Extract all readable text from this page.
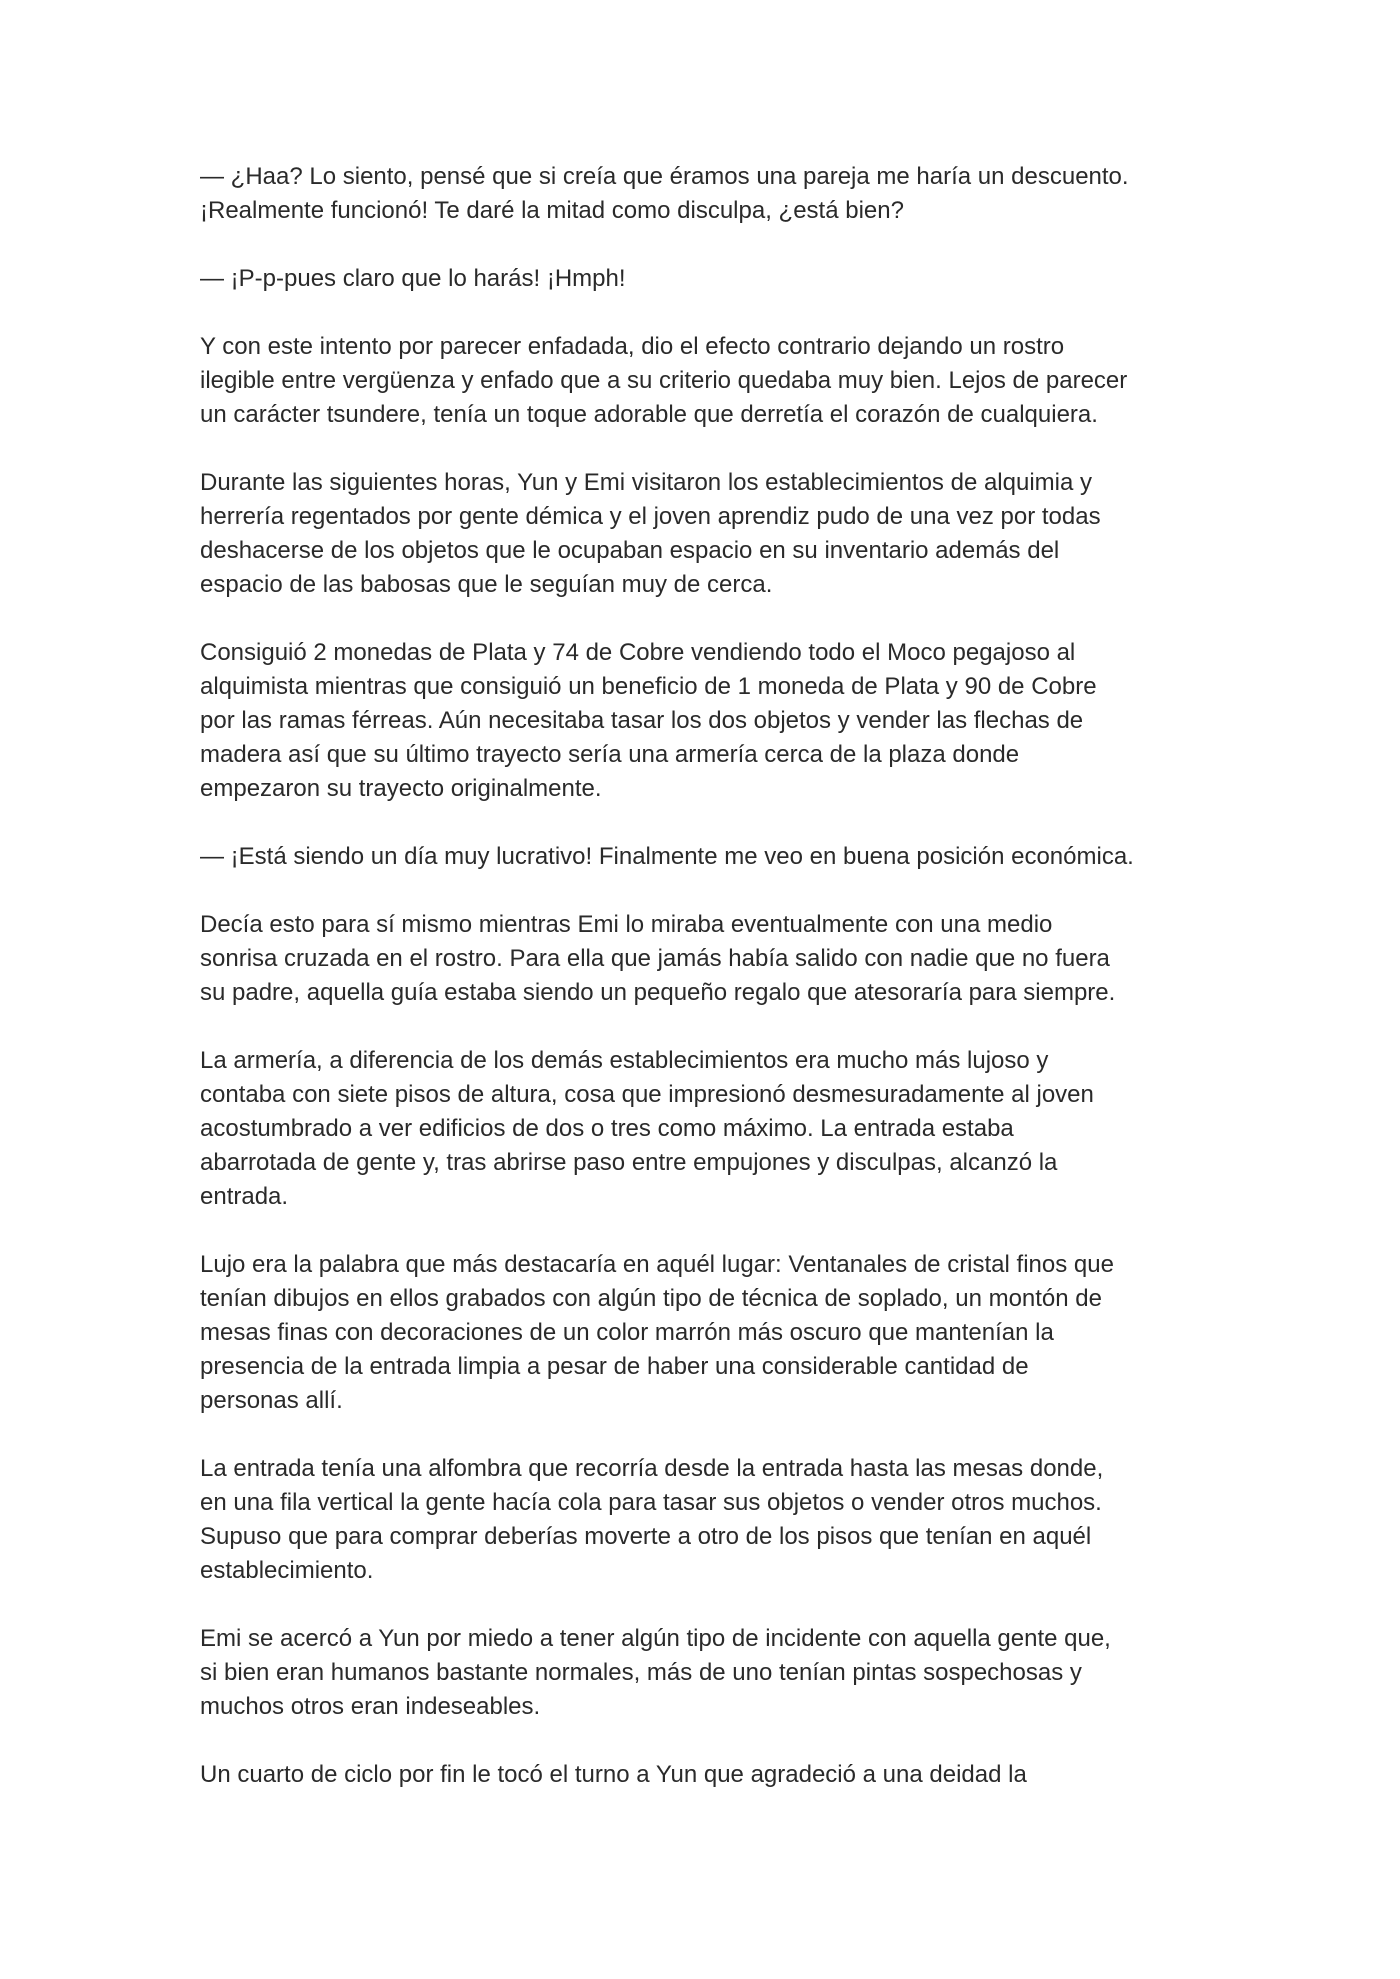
— ¿Haa? Lo siento, pensé que si creía que éramos una pareja me haría un descuento.
¡Realmente funcionó! Te daré la mitad como disculpa, ¿está bien?

— ¡P-p-pues claro que lo harás! ¡Hmph!

Y con este intento por parecer enfadada, dio el efecto contrario dejando un rostro
ilegible entre vergüenza y enfado que a su criterio quedaba muy bien. Lejos de parecer
un carácter tsundere, tenía un toque adorable que derretía el corazón de cualquiera.

Durante las siguientes horas, Yun y Emi visitaron los establecimientos de alquimia y
herrería regentados por gente démica y el joven aprendiz pudo de una vez por todas
deshacerse de los objetos que le ocupaban espacio en su inventario además del
espacio de las babosas que le seguían muy de cerca.

Consiguió 2 monedas de Plata y 74 de Cobre vendiendo todo el Moco pegajoso al
alquimista mientras que consiguió un beneficio de 1 moneda de Plata y 90 de Cobre
por las ramas férreas. Aún necesitaba tasar los dos objetos y vender las flechas de
madera así que su último trayecto sería una armería cerca de la plaza donde
empezaron su trayecto originalmente.

— ¡Está siendo un día muy lucrativo! Finalmente me veo en buena posición económica.

Decía esto para sí mismo mientras Emi lo miraba eventualmente con una medio
sonrisa cruzada en el rostro. Para ella que jamás había salido con nadie que no fuera
su padre, aquella guía estaba siendo un pequeño regalo que atesoraría para siempre.

La armería, a diferencia de los demás establecimientos era mucho más lujoso y
contaba con siete pisos de altura, cosa que impresionó desmesuradamente al joven
acostumbrado a ver edificios de dos o tres como máximo. La entrada estaba
abarrotada de gente y, tras abrirse paso entre empujones y disculpas, alcanzó la
entrada.

Lujo era la palabra que más destacaría en aquél lugar: Ventanales de cristal finos que
tenían dibujos en ellos grabados con algún tipo de técnica de soplado, un montón de
mesas finas con decoraciones de un color marrón más oscuro que mantenían la
presencia de la entrada limpia a pesar de haber una considerable cantidad de
personas allí.

La entrada tenía una alfombra que recorría desde la entrada hasta las mesas donde,
en una fila vertical la gente hacía cola para tasar sus objetos o vender otros muchos.
Supuso que para comprar deberías moverte a otro de los pisos que tenían en aquél
establecimiento.

Emi se acercó a Yun por miedo a tener algún tipo de incidente con aquella gente que,
si bien eran humanos bastante normales, más de uno tenían pintas sospechosas y
muchos otros eran indeseables.

Un cuarto de ciclo por fin le tocó el turno a Yun que agradeció a una deidad la
